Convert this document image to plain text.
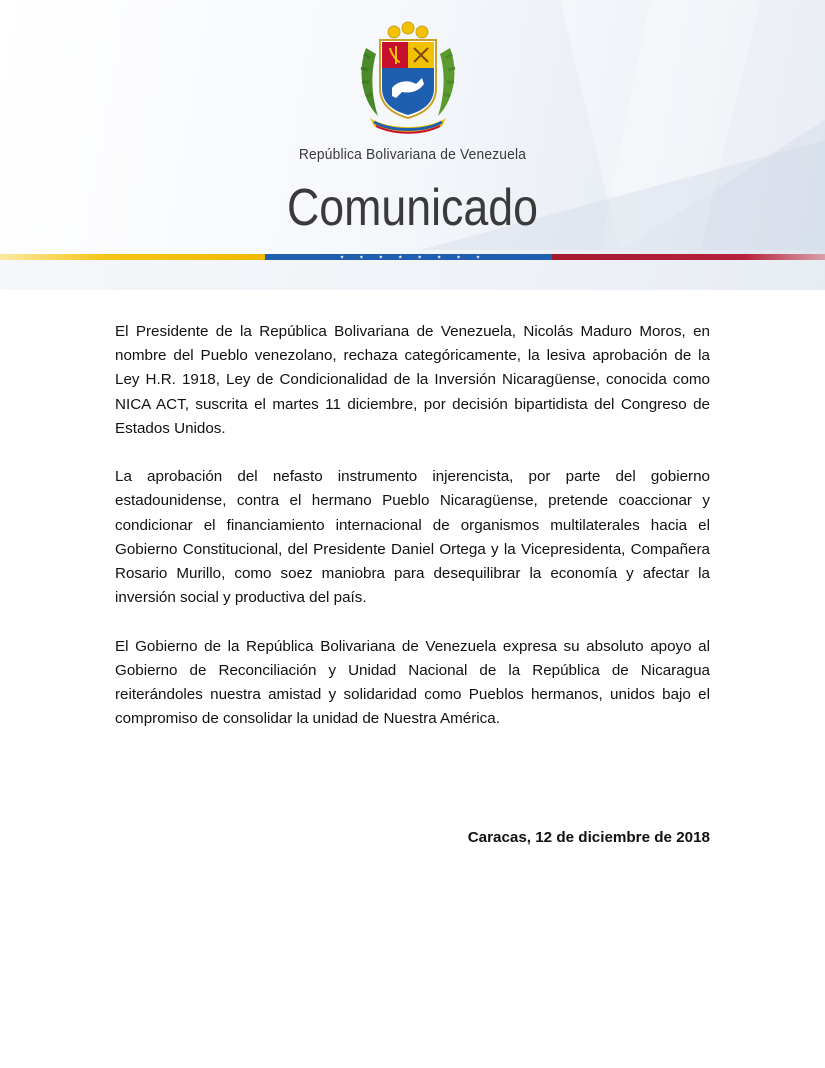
República Bolivariana de Venezuela
Comunicado

El Presidente de la República Bolivariana de Venezuela, Nicolás Maduro Moros, en nombre del Pueblo venezolano, rechaza categóricamente, la lesiva aprobación de la Ley H.R. 1918, Ley de Condicionalidad de la Inversión Nicaragüense, conocida como NICA ACT, suscrita el martes 11 diciembre, por decisión bipartidista del Congreso de Estados Unidos.

La aprobación del nefasto instrumento injerencista, por parte del gobierno estadounidense, contra el hermano Pueblo Nicaragüense, pretende coaccionar y condicionar el financiamiento internacional de organismos multilaterales hacia el Gobierno Constitucional, del Presidente Daniel Ortega y la Vicepresidenta, Compañera Rosario Murillo, como soez maniobra para desequilibrar la economía y afectar la inversión social y productiva del país.

El Gobierno de la República Bolivariana de Venezuela expresa su absoluto apoyo al Gobierno de Reconciliación y Unidad Nacional de la República de Nicaragua reiterándoles nuestra amistad y solidaridad como Pueblos hermanos, unidos bajo el compromiso de consolidar la unidad de Nuestra América.

Caracas, 12 de diciembre de 2018
